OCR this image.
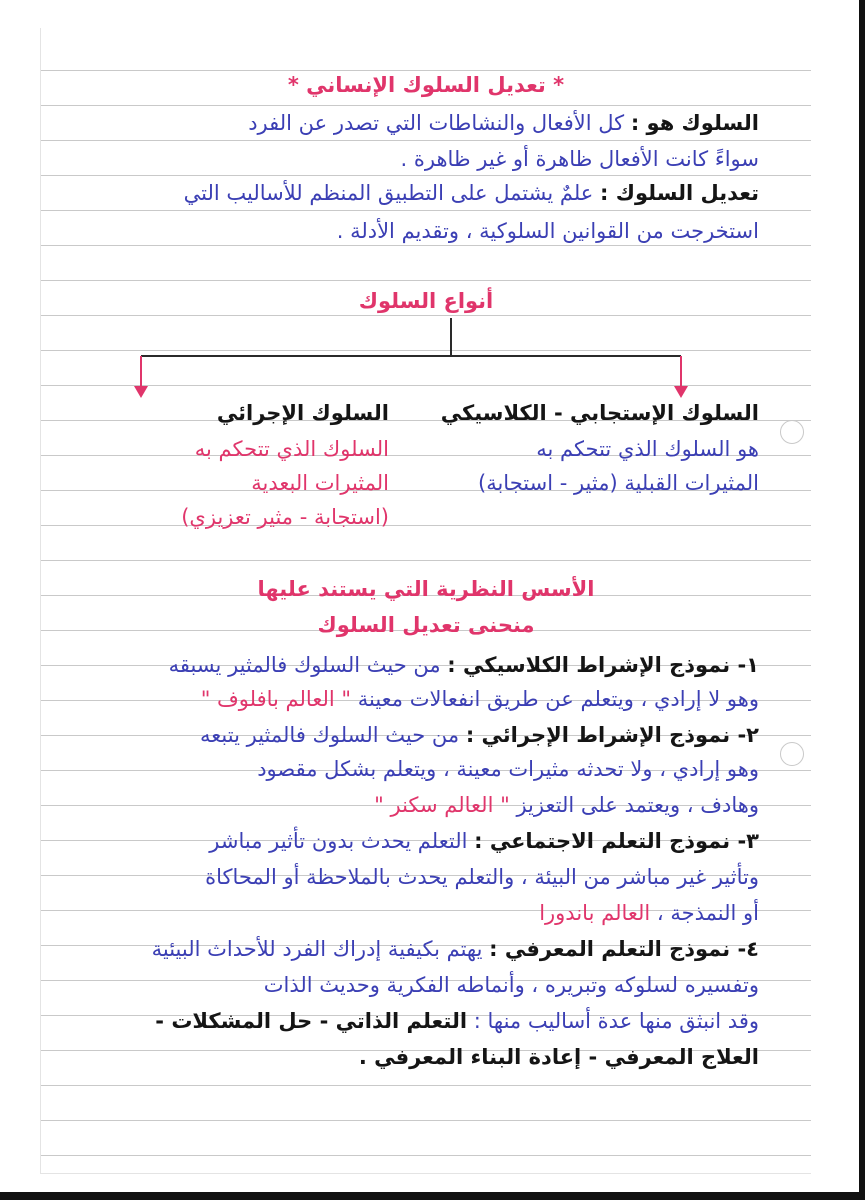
* تعديل السلوك الإنساني *
السلوك هو : كل الأفعال والنشاطات التي تصدر عن الفرد
سواءً كانت الأفعال ظاهرة أو غير ظاهرة .
تعديل السلوك : علمٌ يشتمل على التطبيق المنظم للأساليب التي
استخرجت من القوانين السلوكية ، وتقديم الأدلة .
أنواع السلوك
السلوك الإستجابي - الكلاسيكي
هو السلوك الذي تتحكم به
المثيرات القبلية (مثير - استجابة)
السلوك الإجرائي
السلوك الذي تتحكم به
المثيرات البعدية
(استجابة - مثير تعزيزي)
الأسس النظرية التي يستند عليها
منحنى تعديل السلوك
١- نموذج الإشراط الكلاسيكي : من حيث السلوك فالمثير يسبقه
وهو لا إرادي ، ويتعلم عن طريق انفعالات معينة " العالم بافلوف "
٢- نموذج الإشراط الإجرائي : من حيث السلوك فالمثير يتبعه
وهو إرادي ، ولا تحدثه مثيرات معينة ، ويتعلم بشكل مقصود
وهادف ، ويعتمد على التعزيز " العالم سكنر "
٣- نموذج التعلم الاجتماعي : التعلم يحدث بدون تأثير مباشر
وتأثير غير مباشر من البيئة ، والتعلم يحدث بالملاحظة أو المحاكاة
أو النمذجة ، العالم باندورا
٤- نموذج التعلم المعرفي : يهتم بكيفية إدراك الفرد للأحداث البيئية
وتفسيره لسلوكه وتبريره ، وأنماطه الفكرية وحديث الذات
وقد انبثق منها عدة أساليب منها : التعلم الذاتي - حل المشكلات -
العلاج المعرفي - إعادة البناء المعرفي .
